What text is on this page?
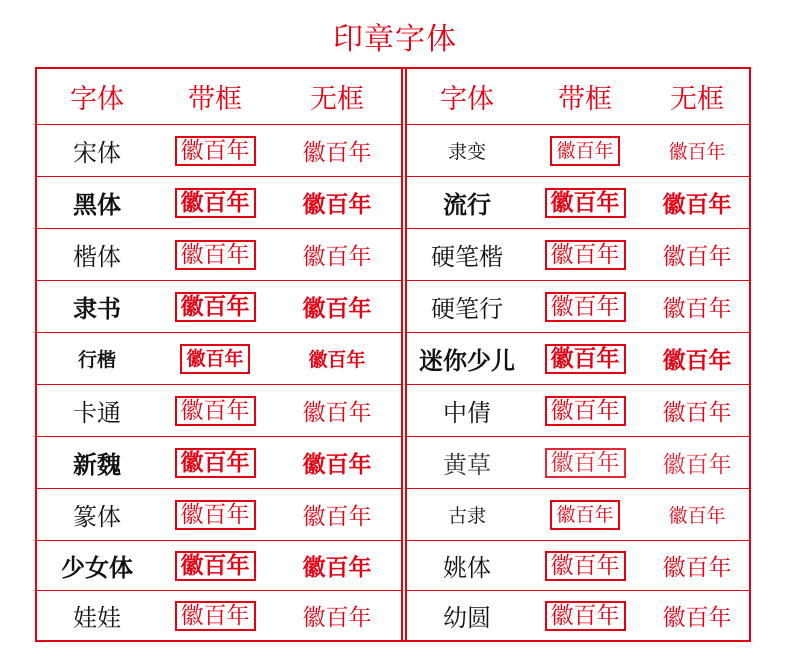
印章字体
字体	带框	无框
宋体	徽百年 徽百年
黑体	徽百年 徽百年
楷体	徽百年 徽百年
隶书	徽百年 徽百年
行楷	徽百年	徽百年
卡通	徽百年 徽百年
新魏	徽百年 徽百年
篆体	徽百年 徽百年
少女体	徽百年 徽百年
娃娃	徽百年 徽百年
字体	带框	无框
隶变	徽百年	徽百年
流行	徽百年 徽百年
硬笔楷	徽百年 徽百年
硬笔行	徽百年 徽百年
迷你少儿	徽百年 徽百年
中倩	徽百年 徽百年
黄草	徽百年 徽百年
古隶	徽百年	徽百年
姚体	徽百年 徽百年
幼圆	徽百年 徽百年
